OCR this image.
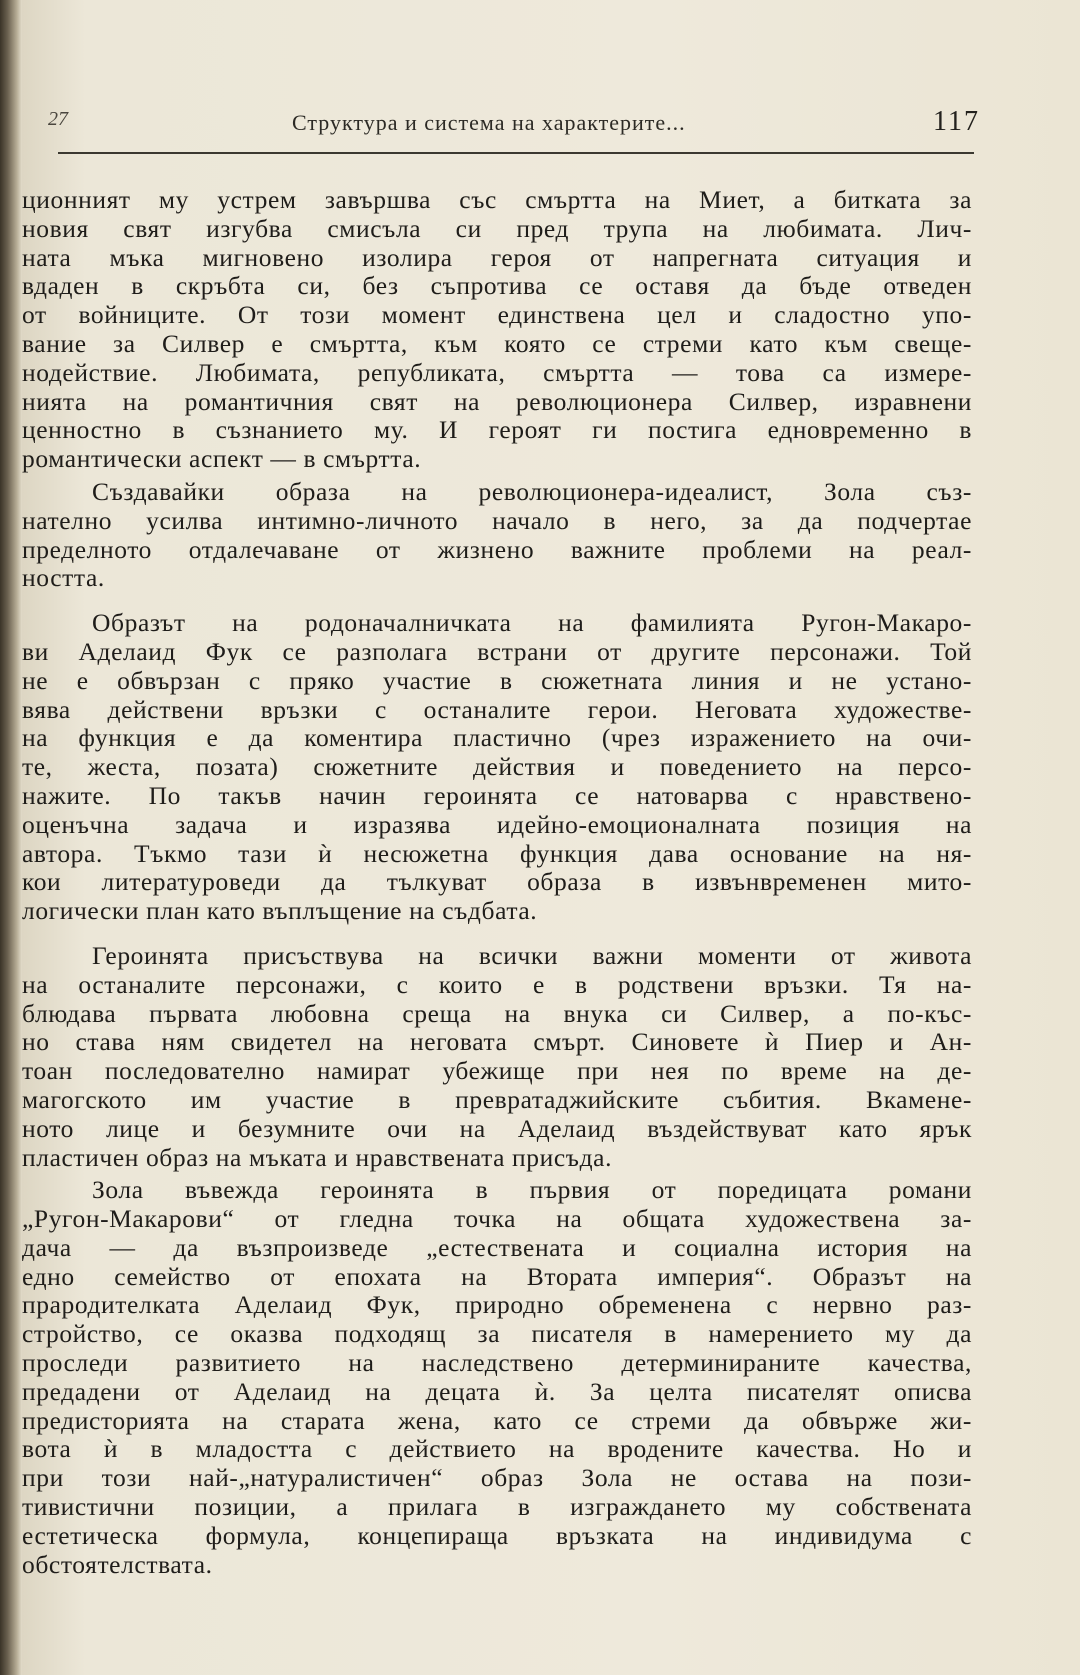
27	Структура и система на характерите...	117
ционният му устрем завършва със смъртта на Миет, а битката за
новия свят изгубва смисъла си пред трупа на любимата. Лич-
ната мъка мигновено изолира героя от напрегната ситуация и
вдаден в скръбта си, без съпротива се оставя да бъде отведен
от войниците. От този момент единствена цел и сладостно упо-
вание за Силвер е смъртта, към която се стреми като към свеще-
нодействие. Любимата, републиката, смъртта — това са измере-
нията на романтичния свят на революционера Силвер, изравнени
ценностно в съзнанието му. И героят ги постига едновременно в
романтически аспект — в смъртта.
Създавайки образа на революционера-идеалист, Зола съз-
нателно усилва интимно-личното начало в него, за да подчертае
пределното отдалечаване от жизнено важните проблеми на реал-
ността.
Образът на родоначалничката на фамилията Ругон-Макаро-
ви Аделаид Фук се разполага встрани от другите персонажи. Той
не е обвързан с пряко участие в сюжетната линия и не устано-
вява действени връзки с останалите герои. Неговата художестве-
на функция е да коментира пластично (чрез изражението на очи-
те, жеста, позата) сюжетните действия и поведението на персо-
нажите. По такъв начин героинята се натоварва с нравствено-
оценъчна задача и изразява идейно-емоционалната позиция на
автора. Тъкмо тази ѝ несюжетна функция дава основание на ня-
кои литературоведи да тълкуват образа в извънвременен мито-
логически план като въплъщение на съдбата.
Героинята присъствува на всички важни моменти от живота
на останалите персонажи, с които е в родствени връзки. Тя на-
блюдава първата любовна среща на внука си Силвер, а по-къс-
но става ням свидетел на неговата смърт. Синовете ѝ Пиер и Ан-
тоан последователно намират убежище при нея по време на де-
магогското им участие в превратаджийските събития. Вкамене-
ното лице и безумните очи на Аделаид въздействуват като ярък
пластичен образ на мъката и нравствената присъда.
Зола въвежда героинята в първия от поредицата романи
„Ругон-Макарови“ от гледна точка на общата художествена за-
дача — да възпроизведе „естествената и социална история на
едно семейство от епохата на Втората империя“. Образът на
прародителката Аделаид Фук, природно обременена с нервно раз-
стройство, се оказва подходящ за писателя в намерението му да
проследи развитието на наследствено детерминираните качества,
предадени от Аделаид на децата ѝ. За целта писателят описва
предисторията на старата жена, като се стреми да обвърже жи-
вота ѝ в младостта с действието на вродените качества. Но и
при този най-„натуралистичен“ образ Зола не остава на пози-
тивистични позиции, а прилага в изграждането му собствената
естетическа формула, концепираща връзката на индивидума с
обстоятелствата.
